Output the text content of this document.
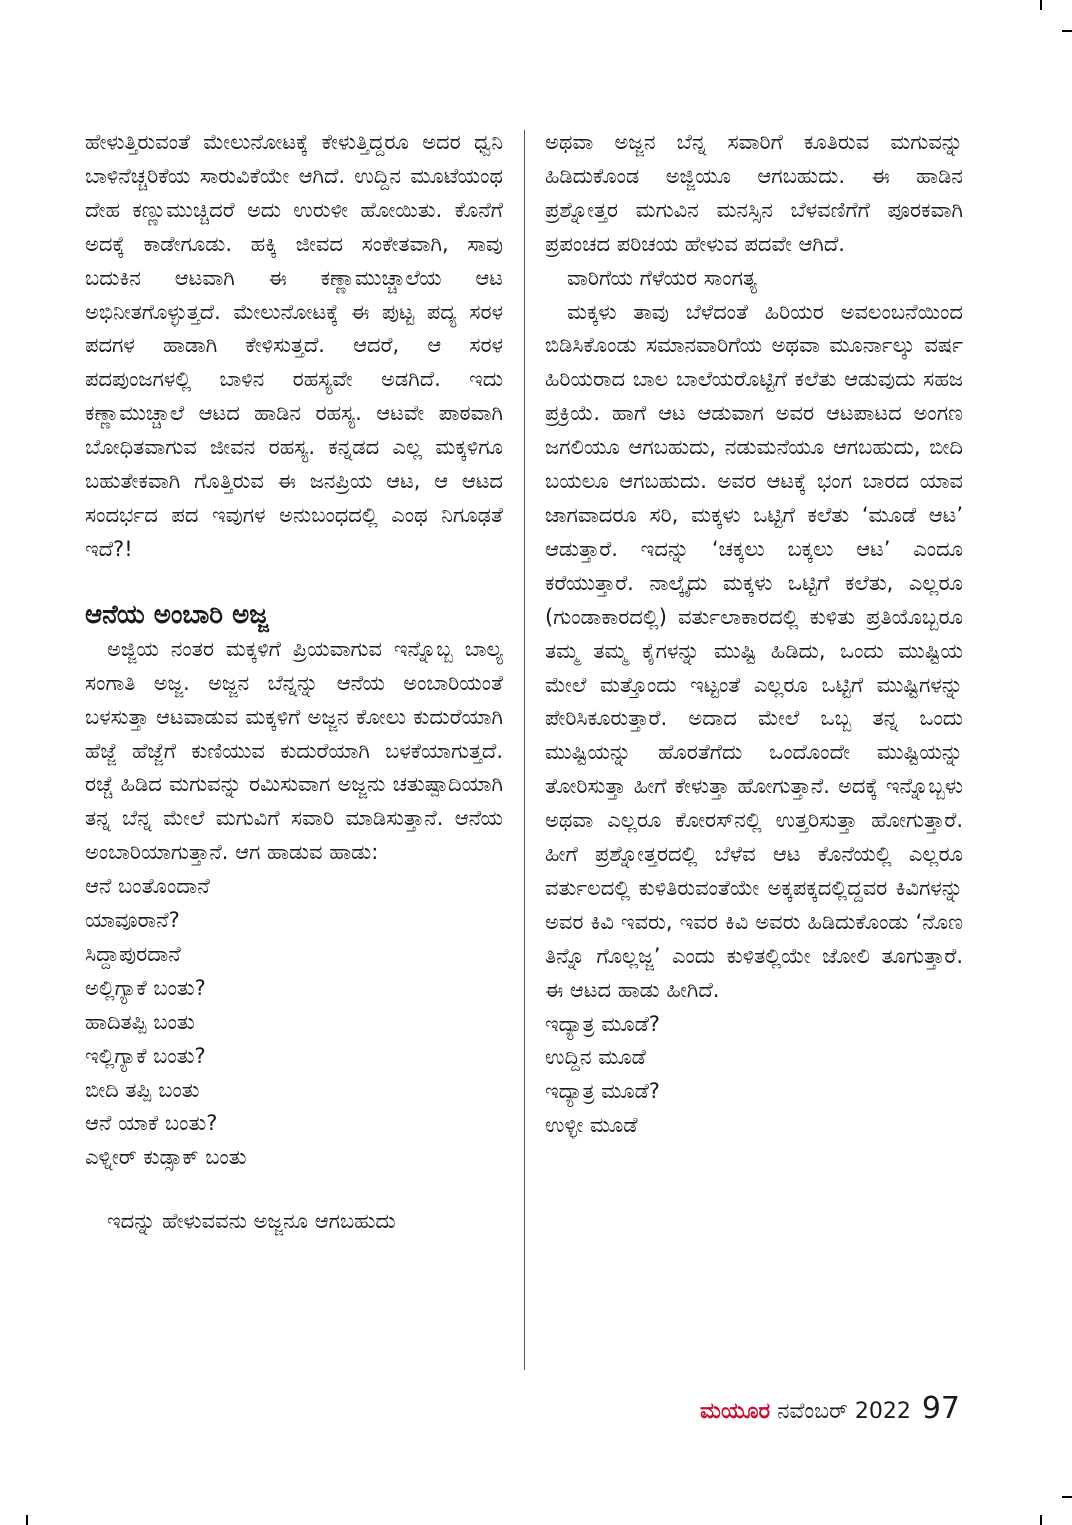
ಹೇಳುತ್ತಿರುವಂತೆ ಮೇಲುನೋಟಕ್ಕೆ ಕೇಳುತ್ತಿದ್ದರೂ ಅದರ ಧ್ವನಿ ಬಾಳಿನೆಚ್ಚರಿಕೆಯ ಸಾರುವಿಕೆಯೇ ಆಗಿದೆ. ಉದ್ದಿನ ಮೂಟೆಯಂಥ ದೇಹ ಕಣ್ಣುಮುಚ್ಚಿದರೆ ಅದು ಉರುಳೀ ಹೋಯಿತು. ಕೊನೆಗೆ ಅದಕ್ಕೆ ಕಾಡೇಗೂಡು. ಹಕ್ಕಿ ಜೀವದ ಸಂಕೇತವಾಗಿ, ಸಾವು ಬದುಕಿನ ಆಟವಾಗಿ ಈ ಕಣ್ಣಾಮುಚ್ಚಾಲೆಯ ಆಟ ಅಭಿನೀತಗೊಳ್ಳುತ್ತದೆ. ಮೇಲುನೋಟಕ್ಕೆ ಈ ಪುಟ್ಟ ಪದ್ಯ ಸರಳ ಪದಗಳ ಹಾಡಾಗಿ ಕೇಳಿಸುತ್ತದೆ. ಆದರೆ, ಆ ಸರಳ ಪದಪುಂಜಗಳಲ್ಲಿ ಬಾಳಿನ ರಹಸ್ಯವೇ ಅಡಗಿದೆ. ಇದು ಕಣ್ಣಾಮುಚ್ಚಾಲೆ ಆಟದ ಹಾಡಿನ ರಹಸ್ಯ. ಆಟವೇ ಪಾಠವಾಗಿ ಬೋಧಿತವಾಗುವ ಜೀವನ ರಹಸ್ಯ. ಕನ್ನಡದ ಎಲ್ಲ ಮಕ್ಕಳಿಗೂ ಬಹುತೇಕವಾಗಿ ಗೊತ್ತಿರುವ ಈ ಜನಪ್ರಿಯ ಆಟ, ಆ ಆಟದ ಸಂದರ್ಭದ ಪದ ಇವುಗಳ ಅನುಬಂಧದಲ್ಲಿ ಎಂಥ ನಿಗೂಢತೆ ಇದೆ?!

ಆನೆಯ ಅಂಬಾರಿ ಅಜ್ಜ

ಅಜ್ಜಿಯ ನಂತರ ಮಕ್ಕಳಿಗೆ ಪ್ರಿಯವಾಗುವ ಇನ್ನೊಬ್ಬ ಬಾಲ್ಯ ಸಂಗಾತಿ ಅಜ್ಜ. ಅಜ್ಜನ ಬೆನ್ನನ್ನು ಆನೆಯ ಅಂಬಾರಿಯಂತೆ ಬಳಸುತ್ತಾ ಆಟವಾಡುವ ಮಕ್ಕಳಿಗೆ ಅಜ್ಜನ ಕೋಲು ಕುದುರೆಯಾಗಿ ಹೆಜ್ಜೆ ಹೆಜ್ಜೆಗೆ ಕುಣಿಯುವ ಕುದುರೆಯಾಗಿ ಬಳಕೆಯಾಗುತ್ತದೆ. ರಚ್ಚೆ ಹಿಡಿದ ಮಗುವನ್ನು ರಮಿಸುವಾಗ ಅಜ್ಜನು ಚತುಷ್ಪಾದಿಯಾಗಿ ತನ್ನ ಬೆನ್ನ ಮೇಲೆ ಮಗುವಿಗೆ ಸವಾರಿ ಮಾಡಿಸುತ್ತಾನೆ. ಆನೆಯ ಅಂಬಾರಿಯಾಗುತ್ತಾನೆ. ಆಗ ಹಾಡುವ ಹಾಡು:

ಆನೆ ಬಂತೊಂದಾನೆ
ಯಾವೂರಾನೆ?
ಸಿದ್ದಾಪುರದಾನೆ
ಅಲ್ಲಿಗ್ಯಾಕೆ ಬಂತು?
ಹಾದಿತಪ್ಪಿ ಬಂತು
ಇಲ್ಲಿಗ್ಯಾಕೆ ಬಂತು?
ಬೀದಿ ತಪ್ಪಿ ಬಂತು
ಆನೆ ಯಾಕೆ ಬಂತು?
ಎಳ್ನೀರ್ ಕುಡ್ಸಾಕ್ ಬಂತು

ಇದನ್ನು ಹೇಳುವವನು ಅಜ್ಜನೂ ಆಗಬಹುದು

ಅಥವಾ ಅಜ್ಜನ ಬೆನ್ನ ಸವಾರಿಗೆ ಕೂತಿರುವ ಮಗುವನ್ನು ಹಿಡಿದುಕೊಂಡ ಅಜ್ಜಿಯೂ ಆಗಬಹುದು. ಈ ಹಾಡಿನ ಪ್ರಶ್ನೋತ್ತರ ಮಗುವಿನ ಮನಸ್ಸಿನ ಬೆಳವಣಿಗೆಗೆ ಪೂರಕವಾಗಿ ಪ್ರಪಂಚದ ಪರಿಚಯ ಹೇಳುವ ಪದವೇ ಆಗಿದೆ.

ವಾರಿಗೆಯ ಗೆಳೆಯರ ಸಾಂಗತ್ಯ

ಮಕ್ಕಳು ತಾವು ಬೆಳೆದಂತೆ ಹಿರಿಯರ ಅವಲಂಬನೆಯಿಂದ ಬಿಡಿಸಿಕೊಂಡು ಸಮಾನವಾರಿಗೆಯ ಅಥವಾ ಮೂರ್ನಾಲ್ಕು ವರ್ಷ ಹಿರಿಯರಾದ ಬಾಲ ಬಾಲೆಯರೊಟ್ಟಿಗೆ ಕಲೆತು ಆಡುವುದು ಸಹಜ ಪ್ರಕ್ರಿಯೆ. ಹಾಗೆ ಆಟ ಆಡುವಾಗ ಅವರ ಆಟಪಾಟದ ಅಂಗಣ ಜಗಲಿಯೂ ಆಗಬಹುದು, ನಡುಮನೆಯೂ ಆಗಬಹುದು, ಬೀದಿ ಬಯಲೂ ಆಗಬಹುದು. ಅವರ ಆಟಕ್ಕೆ ಭಂಗ ಬಾರದ ಯಾವ ಜಾಗವಾದರೂ ಸರಿ, ಮಕ್ಕಳು ಒಟ್ಟಿಗೆ ಕಲೆತು ‘ಮೂಡೆ ಆಟ’ ಆಡುತ್ತಾರೆ. ಇದನ್ನು ‘ಚಕ್ಕಲು ಬಕ್ಕಲು ಆಟ’ ಎಂದೂ ಕರೆಯುತ್ತಾರೆ. ನಾಲ್ಕೈದು ಮಕ್ಕಳು ಒಟ್ಟಿಗೆ ಕಲೆತು, ಎಲ್ಲರೂ (ಗುಂಡಾಕಾರದಲ್ಲಿ) ವರ್ತುಲಾಕಾರದಲ್ಲಿ ಕುಳಿತು ಪ್ರತಿಯೊಬ್ಬರೂ ತಮ್ಮ ತಮ್ಮ ಕೈಗಳನ್ನು ಮುಷ್ಟಿ ಹಿಡಿದು, ಒಂದು ಮುಷ್ಟಿಯ ಮೇಲೆ ಮತ್ತೊಂದು ಇಟ್ಟಂತೆ ಎಲ್ಲರೂ ಒಟ್ಟಿಗೆ ಮುಷ್ಟಿಗಳನ್ನು ಪೇರಿಸಿಕೂರುತ್ತಾರೆ. ಅದಾದ ಮೇಲೆ ಒಬ್ಬ ತನ್ನ ಒಂದು ಮುಷ್ಟಿಯನ್ನು ಹೊರತೆಗೆದು ಒಂದೊಂದೇ ಮುಷ್ಟಿಯನ್ನು ತೋರಿಸುತ್ತಾ ಹೀಗೆ ಕೇಳುತ್ತಾ ಹೋಗುತ್ತಾನೆ. ಅದಕ್ಕೆ ಇನ್ನೊಬ್ಬಳು ಅಥವಾ ಎಲ್ಲರೂ ಕೋರಸ್‌ನಲ್ಲಿ ಉತ್ತರಿಸುತ್ತಾ ಹೋಗುತ್ತಾರೆ. ಹೀಗೆ ಪ್ರಶ್ನೋತ್ತರದಲ್ಲಿ ಬೆಳೆವ ಆಟ ಕೊನೆಯಲ್ಲಿ ಎಲ್ಲರೂ ವರ್ತುಲದಲ್ಲಿ ಕುಳಿತಿರುವಂತೆಯೇ ಅಕ್ಕಪಕ್ಕದಲ್ಲಿದ್ದವರ ಕಿವಿಗಳನ್ನು ಅವರ ಕಿವಿ ಇವರು, ಇವರ ಕಿವಿ ಅವರು ಹಿಡಿದುಕೊಂಡು ‘ನೊಣ ತಿನ್ನೊ ಗೊಲ್ಲಜ್ಜ’ ಎಂದು ಕುಳಿತಲ್ಲಿಯೇ ಜೋಲಿ ತೂಗುತ್ತಾರೆ. ಈ ಆಟದ ಹಾಡು ಹೀಗಿದೆ.

ಇದ್ಯಾತ್ರ ಮೂಡೆ?
ಉದ್ದಿನ ಮೂಡೆ
ಇದ್ಯಾತ್ರ ಮೂಡೆ?
ಉಳ್ಳೀ ಮೂಡೆ
ಮಯೂರ ನವೆಂಬರ್ 2022 97
